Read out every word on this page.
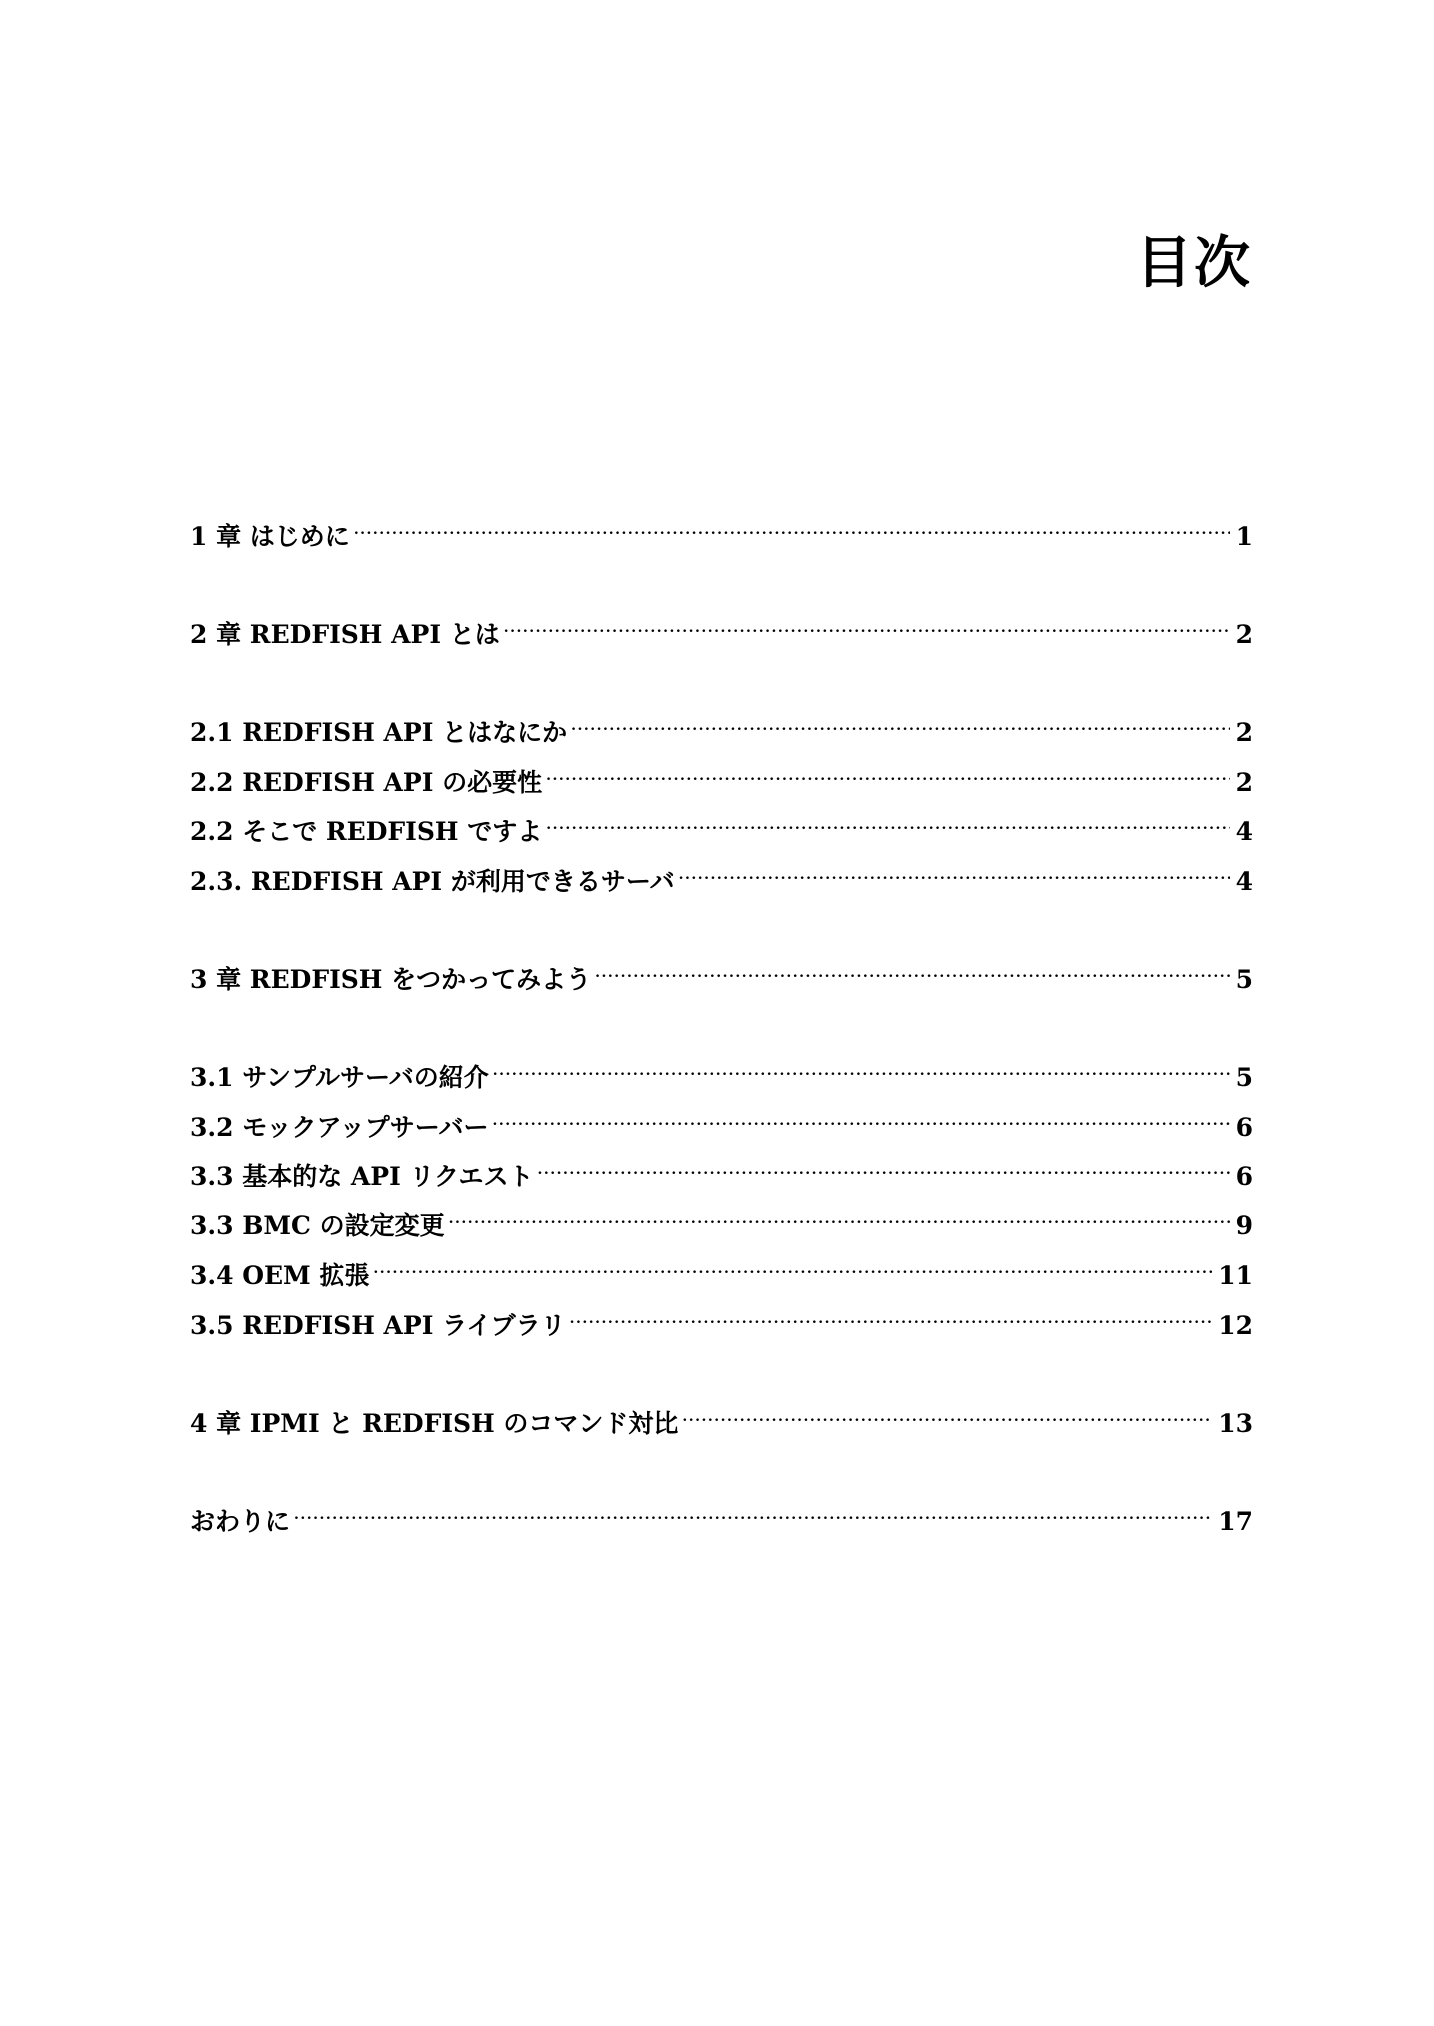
目次
1 章 はじめに .....	1
2 章 REDFISH API とは .....	2
2.1 REDFISH API とはなにか .....	2
2.2 REDFISH API の必要性 .....	2
2.2 そこで REDFISH ですよ .....	4
2.3. REDFISH API が利用できるサーバ .....	4
3 章 REDFISH をつかってみよう .....	5
3.1 サンプルサーバの紹介 .....	5
3.2 モックアップサーバー .....	6
3.3 基本的な API リクエスト .....	6
3.3 BMC の設定変更 .....	9
3.4 OEM 拡張 .....	11
3.5 REDFISH API ライブラリ .....	12
4 章 IPMI と REDFISH のコマンド対比 .....	13
おわりに .....	17
